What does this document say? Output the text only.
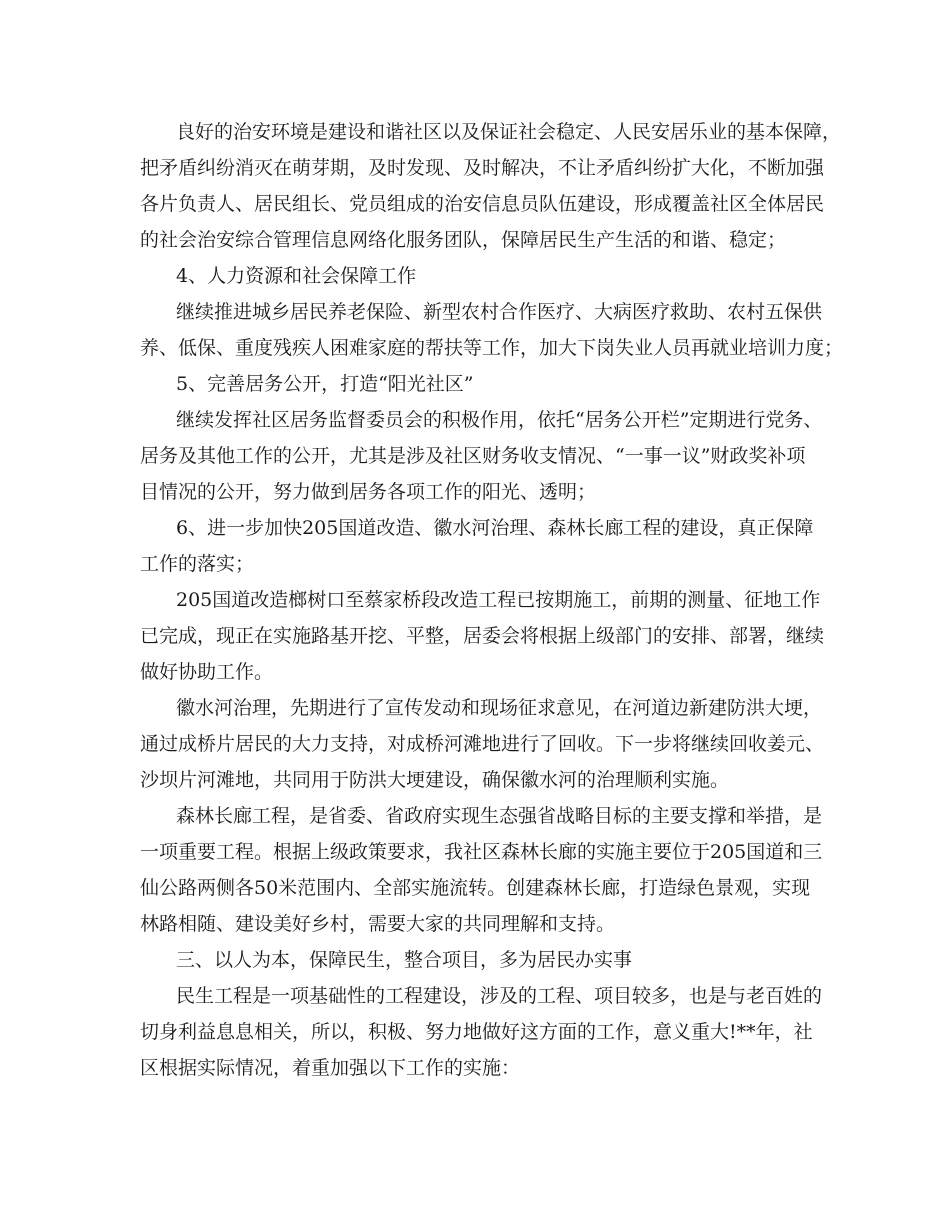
良好的治安环境是建设和谐社区以及保证社会稳定、人民安居乐业的基本保障，
把矛盾纠纷消灭在萌芽期，及时发现、及时解决，不让矛盾纠纷扩大化，不断加强
各片负责人、居民组长、党员组成的治安信息员队伍建设，形成覆盖社区全体居民
的社会治安综合管理信息网络化服务团队，保障居民生产生活的和谐、稳定；
4、人力资源和社会保障工作
继续推进城乡居民养老保险、新型农村合作医疗、大病医疗救助、农村五保供
养、低保、重度残疾人困难家庭的帮扶等工作，加大下岗失业人员再就业培训力度；
5、完善居务公开，打造“阳光社区”
继续发挥社区居务监督委员会的积极作用，依托“居务公开栏”定期进行党务、
居务及其他工作的公开，尤其是涉及社区财务收支情况、“一事一议”财政奖补项
目情况的公开，努力做到居务各项工作的阳光、透明；
6、进一步加快205国道改造、徽水河治理、森林长廊工程的建设，真正保障
工作的落实；
205国道改造榔树口至蔡家桥段改造工程已按期施工，前期的测量、征地工作
已完成，现正在实施路基开挖、平整，居委会将根据上级部门的安排、部署，继续
做好协助工作。
徽水河治理，先期进行了宣传发动和现场征求意见，在河道边新建防洪大埂，
通过成桥片居民的大力支持，对成桥河滩地进行了回收。下一步将继续回收姜元、
沙坝片河滩地，共同用于防洪大埂建设，确保徽水河的治理顺利实施。
森林长廊工程，是省委、省政府实现生态强省战略目标的主要支撑和举措，是
一项重要工程。根据上级政策要求，我社区森林长廊的实施主要位于205国道和三
仙公路两侧各50米范围内、全部实施流转。创建森林长廊，打造绿色景观，实现
林路相随、建设美好乡村，需要大家的共同理解和支持。
三、以人为本，保障民生，整合项目，多为居民办实事
民生工程是一项基础性的工程建设，涉及的工程、项目较多，也是与老百姓的
切身利益息息相关，所以，积极、努力地做好这方面的工作，意义重大!**年，社
区根据实际情况，着重加强以下工作的实施：
